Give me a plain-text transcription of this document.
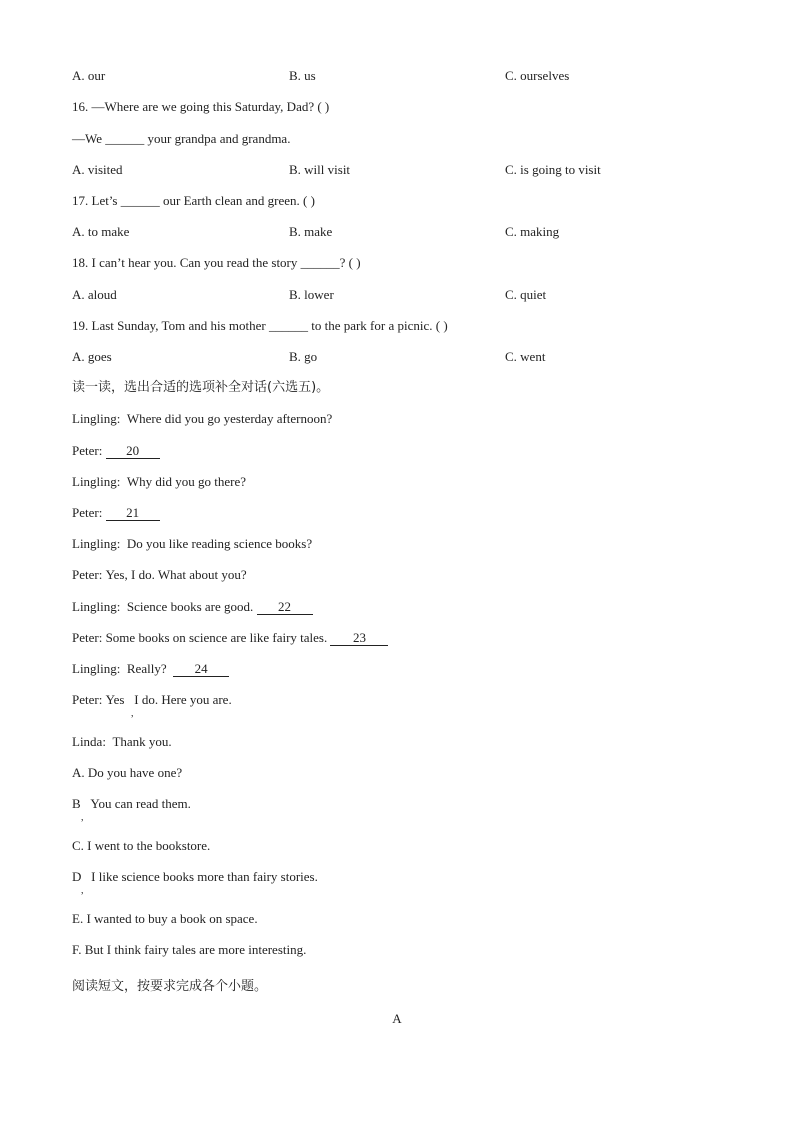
A. our	B. us	C. ourselves
16. —Where are we going this Saturday, Dad? ( )
—We ______ your grandpa and grandma.
A. visited	B. will visit	C. is going to visit
17. Let’s ______ our Earth clean and green. ( )
A. to make	B. make	C. making
18. I can’t hear you. Can you read the story ______? ( )
A. aloud	B. lower	C. quiet
19. Last Sunday, Tom and his mother ______ to the park for a picnic. ( )
A. goes	B. go	C. went
读一读，选出合适的选项补全对话(六选五)。
Lingling: Where did you go yesterday afternoon?
Peter: 20
Lingling: Why did you go there?
Peter: 21
Lingling: Do you like reading science books?
Peter: Yes, I do. What about you?
Lingling: Science books are good. 22
Peter: Some books on science are like fairy tales. 23
Lingling: Really? 24
Peter: Yes I do. Here you are.
,
Linda: Thank you.
A. Do you have one?
B You can read them.
,
C. I went to the bookstore.
D I like science books more than fairy stories.
,
E. I wanted to buy a book on space.
F. But I think fairy tales are more interesting.
阅读短文，按要求完成各个小题。
A
